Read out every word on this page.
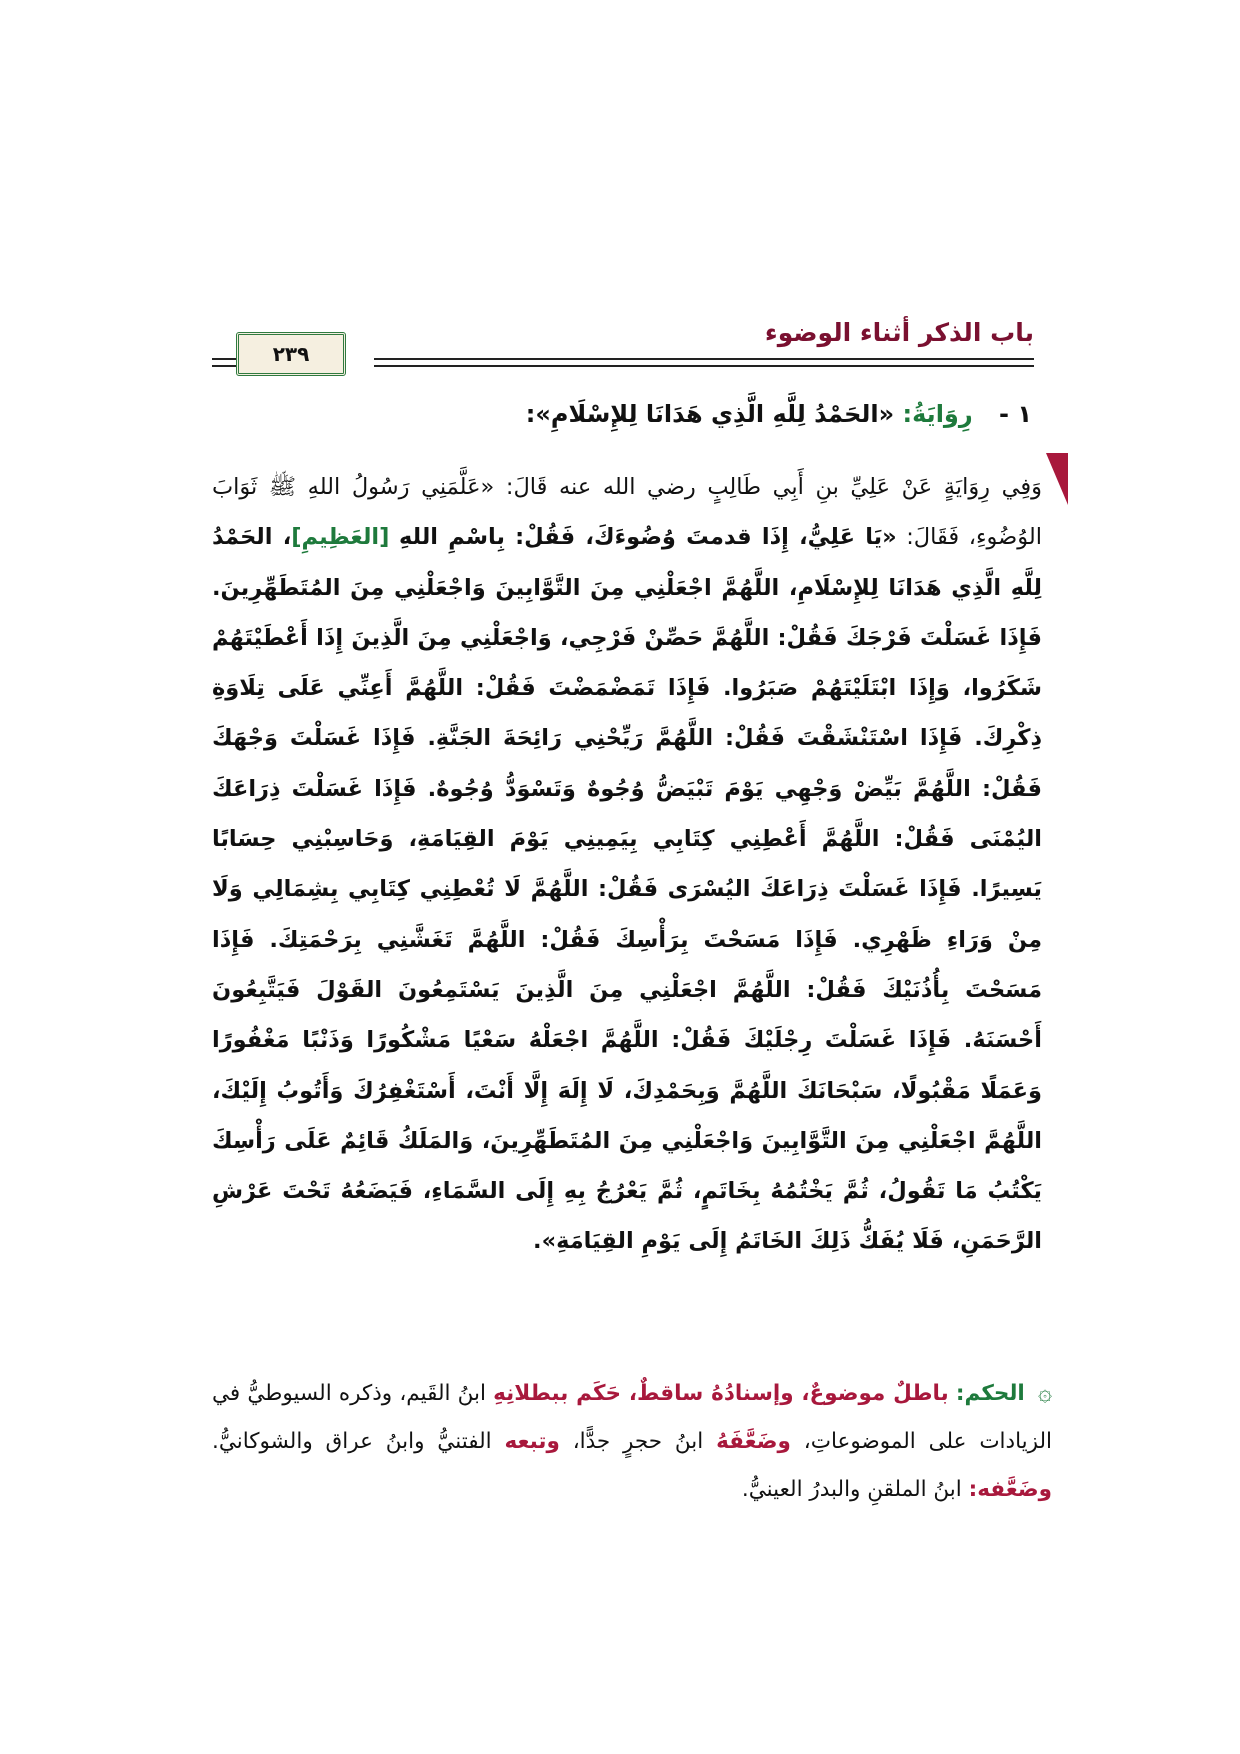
باب الذكر أثناء الوضوء
٢٣٩
١ - رِوَايَةُ: «الحَمْدُ لِلَّهِ الَّذِي هَدَانَا لِلإِسْلَامِ»:
وَفِي رِوَايَةٍ عَنْ عَلِيِّ بنِ أَبِي طَالِبٍ رضي الله عنه قَالَ: «عَلَّمَنِي رَسُولُ اللهِ ﷺ ثَوَابَ الوُضُوءِ، فَقَالَ: «يَا عَلِيُّ، إِذَا قدمتَ وُضُوءَكَ، فَقُلْ: بِاسْمِ اللهِ [العَظِيمِ]، الحَمْدُ لِلَّهِ الَّذِي هَدَانَا لِلإِسْلَامِ، اللَّهُمَّ اجْعَلْنِي مِنَ التَّوَّابِينَ وَاجْعَلْنِي مِنَ المُتَطَهِّرِينَ. فَإِذَا غَسَلْتَ فَرْجَكَ فَقُلْ: اللَّهُمَّ حَصِّنْ فَرْجِي، وَاجْعَلْنِي مِنَ الَّذِينَ إِذَا أَعْطَيْتَهُمْ شَكَرُوا، وَإِذَا ابْتَلَيْتَهُمْ صَبَرُوا. فَإِذَا تَمَضْمَضْتَ فَقُلْ: اللَّهُمَّ أَعِنِّي عَلَى تِلَاوَةِ ذِكْرِكَ. فَإِذَا اسْتَنْشَقْتَ فَقُلْ: اللَّهُمَّ رَيِّحْنِي رَائِحَةَ الجَنَّةِ. فَإِذَا غَسَلْتَ وَجْهَكَ فَقُلْ: اللَّهُمَّ بَيِّضْ وَجْهِي يَوْمَ تَبْيَضُّ وُجُوهٌ وَتَسْوَدُّ وُجُوهٌ. فَإِذَا غَسَلْتَ ذِرَاعَكَ اليُمْنَى فَقُلْ: اللَّهُمَّ أَعْطِنِي كِتَابِي بِيَمِينِي يَوْمَ القِيَامَةِ، وَحَاسِبْنِي حِسَابًا يَسِيرًا. فَإِذَا غَسَلْتَ ذِرَاعَكَ اليُسْرَى فَقُلْ: اللَّهُمَّ لَا تُعْطِنِي كِتَابِي بِشِمَالِي وَلَا مِنْ وَرَاءِ ظَهْرِي. فَإِذَا مَسَحْتَ بِرَأْسِكَ فَقُلْ: اللَّهُمَّ تَغَشَّنِي بِرَحْمَتِكَ. فَإِذَا مَسَحْتَ بِأُذُنَيْكَ فَقُلْ: اللَّهُمَّ اجْعَلْنِي مِنَ الَّذِينَ يَسْتَمِعُونَ القَوْلَ فَيَتَّبِعُونَ أَحْسَنَهُ. فَإِذَا غَسَلْتَ رِجْلَيْكَ فَقُلْ: اللَّهُمَّ اجْعَلْهُ سَعْيًا مَشْكُورًا وَذَنْبًا مَغْفُورًا وَعَمَلًا مَقْبُولًا، سَبْحَانَكَ اللَّهُمَّ وَبِحَمْدِكَ، لَا إِلَهَ إِلَّا أَنْتَ، أَسْتَغْفِرُكَ وَأَتُوبُ إِلَيْكَ، اللَّهُمَّ اجْعَلْنِي مِنَ التَّوَّابِينَ وَاجْعَلْنِي مِنَ المُتَطَهِّرِينَ، وَالمَلَكُ قَائِمٌ عَلَى رَأْسِكَ يَكْتُبُ مَا تَقُولُ، ثُمَّ يَخْتُمُهُ بِخَاتَمٍ، ثُمَّ يَعْرُجُ بِهِ إِلَى السَّمَاءِ، فَيَضَعُهُ تَحْتَ عَرْشِ الرَّحَمَنِ، فَلَا يُفَكُّ ذَلِكَ الخَاتَمُ إِلَى يَوْمِ القِيَامَةِ».
۞ الحكم: باطلٌ موضوعٌ، وإسنادُهُ ساقطٌ، حَكَم ببطلانِهِ ابنُ القَيم، وذكره السيوطيُّ في الزيادات على الموضوعاتِ، وضَعَّفَهُ ابنُ حجرٍ جدًّا، وتبعه الفتنيُّ وابنُ عراق والشوكانيُّ. وضَعَّفه: ابنُ الملقنِ والبدرُ العينيُّ.
